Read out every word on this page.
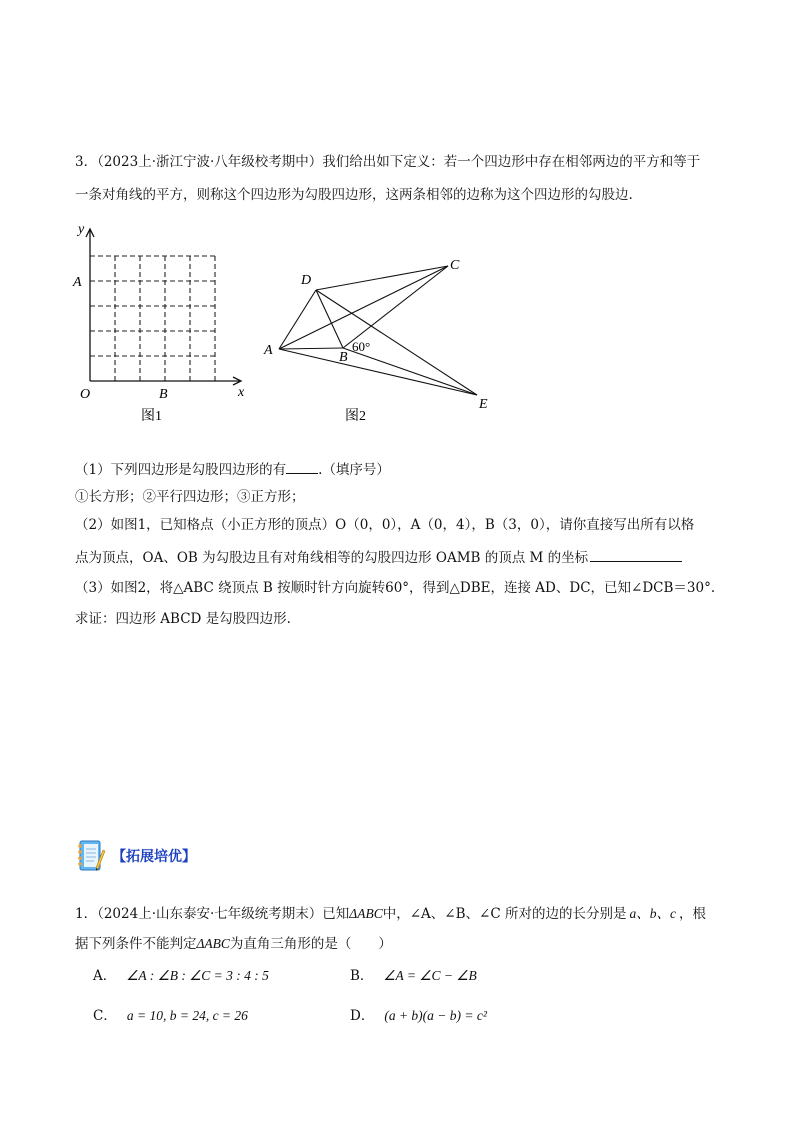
3．（2023上·浙江宁波·八年级校考期中）我们给出如下定义：若一个四边形中存在相邻两边的平方和等于
一条对角线的平方，则称这个四边形为勾股四边形，这两条相邻的边称为这个四边形的勾股边.
y
x
A
O	B
图1
D
C
A	B
60°
E
图2
（1）下列四边形是勾股四边形的有 .（填序号）
①长方形；②平行四边形；③正方形；
（2）如图1，已知格点（小正方形的顶点）O（0，0），A（0，4），B（3，0），请你直接写出所有以格
点为顶点，OA、OB 为勾股边且有对角线相等的勾股四边形 OAMB 的顶点 M 的坐标
（3）如图2，将△ABC 绕顶点 B 按顺时针方向旋转60°，得到△DBE，连接 AD、DC，已知∠DCB＝30°.
求证：四边形 ABCD 是勾股四边形.
【拓展培优】
1．（2024上·山东泰安·七年级统考期末）已知ΔABC中，∠A、∠B、∠C 所对的边的长分别是 a、b、c ，根
据下列条件不能判定ΔABC为直角三角形的是（　　）
A． ∠A : ∠B : ∠C = 3 : 4 : 5	B． ∠A = ∠C − ∠B
C． a = 10, b = 24, c = 26	D． (a + b)(a − b) = c²
